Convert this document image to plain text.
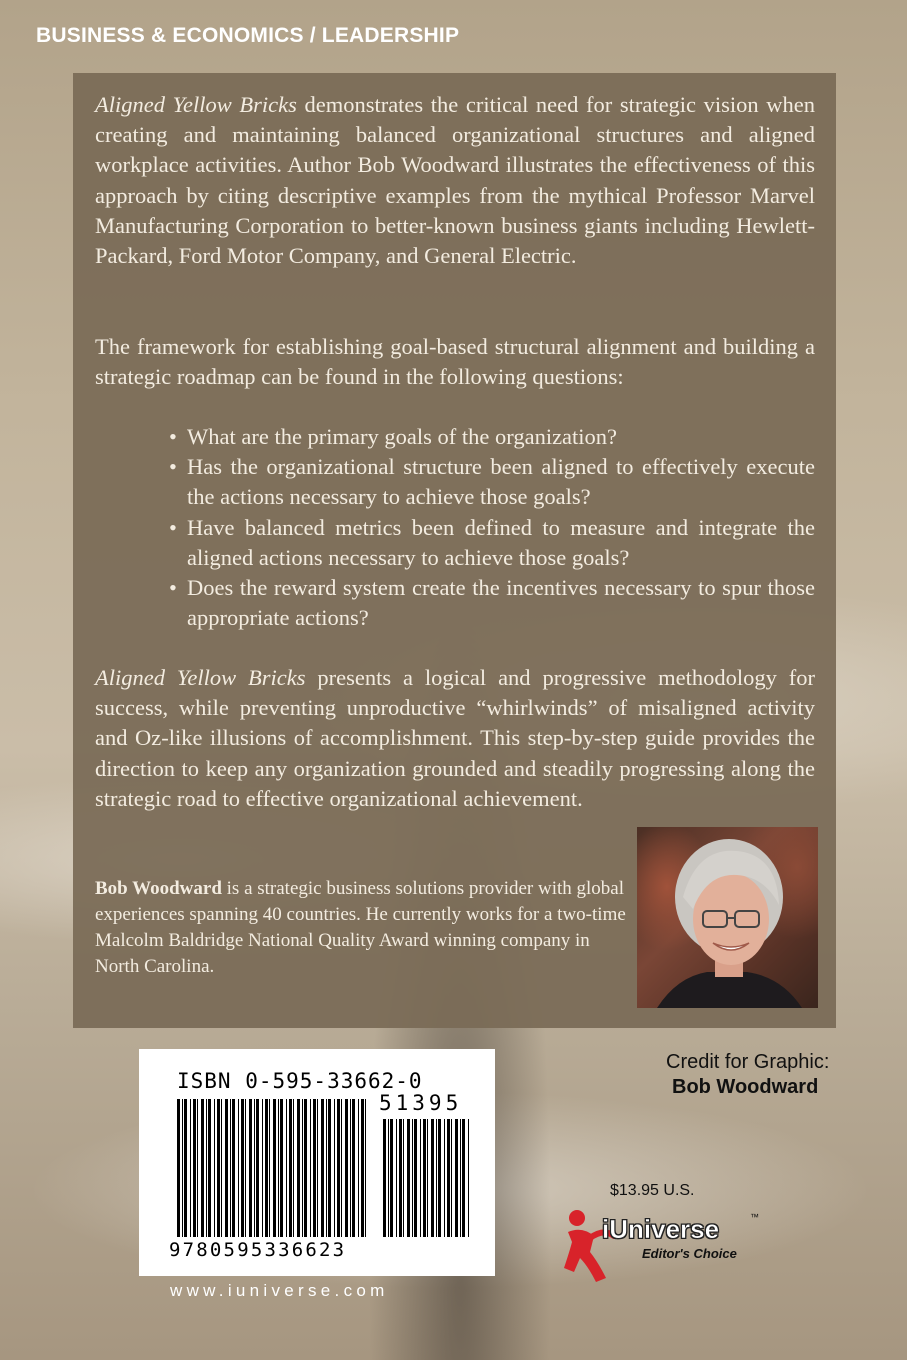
BUSINESS & ECONOMICS / LEADERSHIP

Aligned Yellow Bricks demonstrates the critical need for strategic vision when creating and maintaining balanced organizational structures and aligned workplace activities. Author Bob Woodward illustrates the effectiveness of this approach by citing descriptive examples from the mythical Professor Marvel Manufacturing Corporation to better-known business giants including Hewlett-Packard, Ford Motor Company, and General Electric.

The framework for establishing goal-based structural alignment and building a strategic roadmap can be found in the following questions:

• What are the primary goals of the organization?
• Has the organizational structure been aligned to effectively execute the actions necessary to achieve those goals?
• Have balanced metrics been defined to measure and integrate the aligned actions necessary to achieve those goals?
• Does the reward system create the incentives necessary to spur those appropriate actions?

Aligned Yellow Bricks presents a logical and progressive methodology for success, while preventing unproductive “whirlwinds” of misaligned activity and Oz-like illusions of accomplishment. This step-by-step guide provides the direction to keep any organization grounded and steadily progressing along the strategic road to effective organizational achievement.

Bob Woodward is a strategic business solutions provider with global experiences spanning 40 countries. He currently works for a two-time Malcolm Baldridge National Quality Award winning company in North Carolina.

ISBN 0-595-33662-0
51395
9780595336623
www.iuniverse.com
Credit for Graphic:
Bob Woodward
$13.95 U.S.
iUniverse	™
Editor's Choice
